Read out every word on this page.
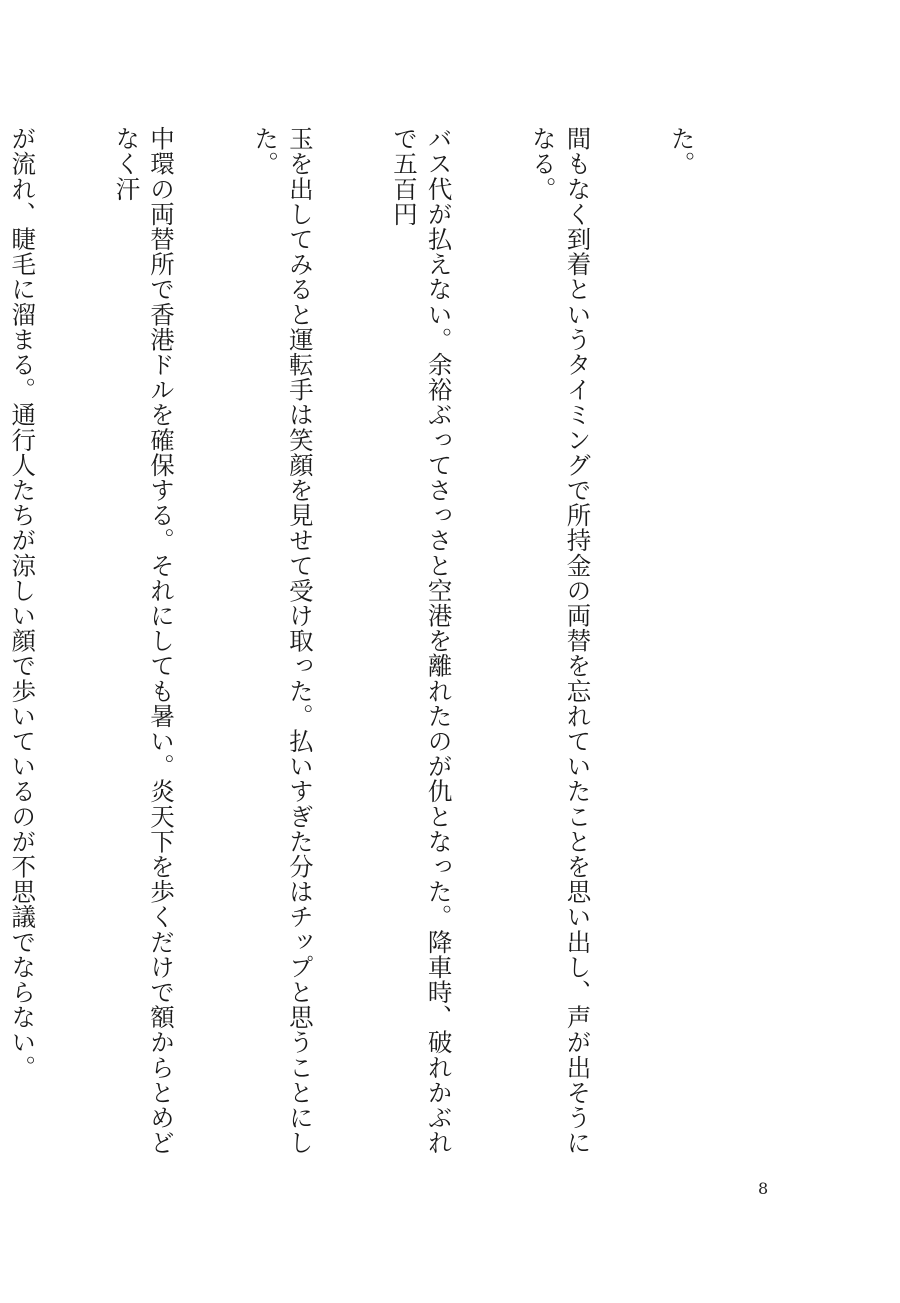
た。

間もなく到着というタイミングで所持金の両替を忘れていたことを思い出し、声が出そうになる。

バス代が払えない。余裕ぶってさっさと空港を離れたのが仇となった。降車時、破れかぶれで五百円

玉を出してみると運転手は笑顔を見せて受け取った。払いすぎた分はチップと思うことにした。

中環の両替所で香港ドルを確保する。それにしても暑い。炎天下を歩くだけで額からとめどなく汗

が流れ、睫毛に溜まる。通行人たちが涼しい顔で歩いているのが不思議でならない。

8
